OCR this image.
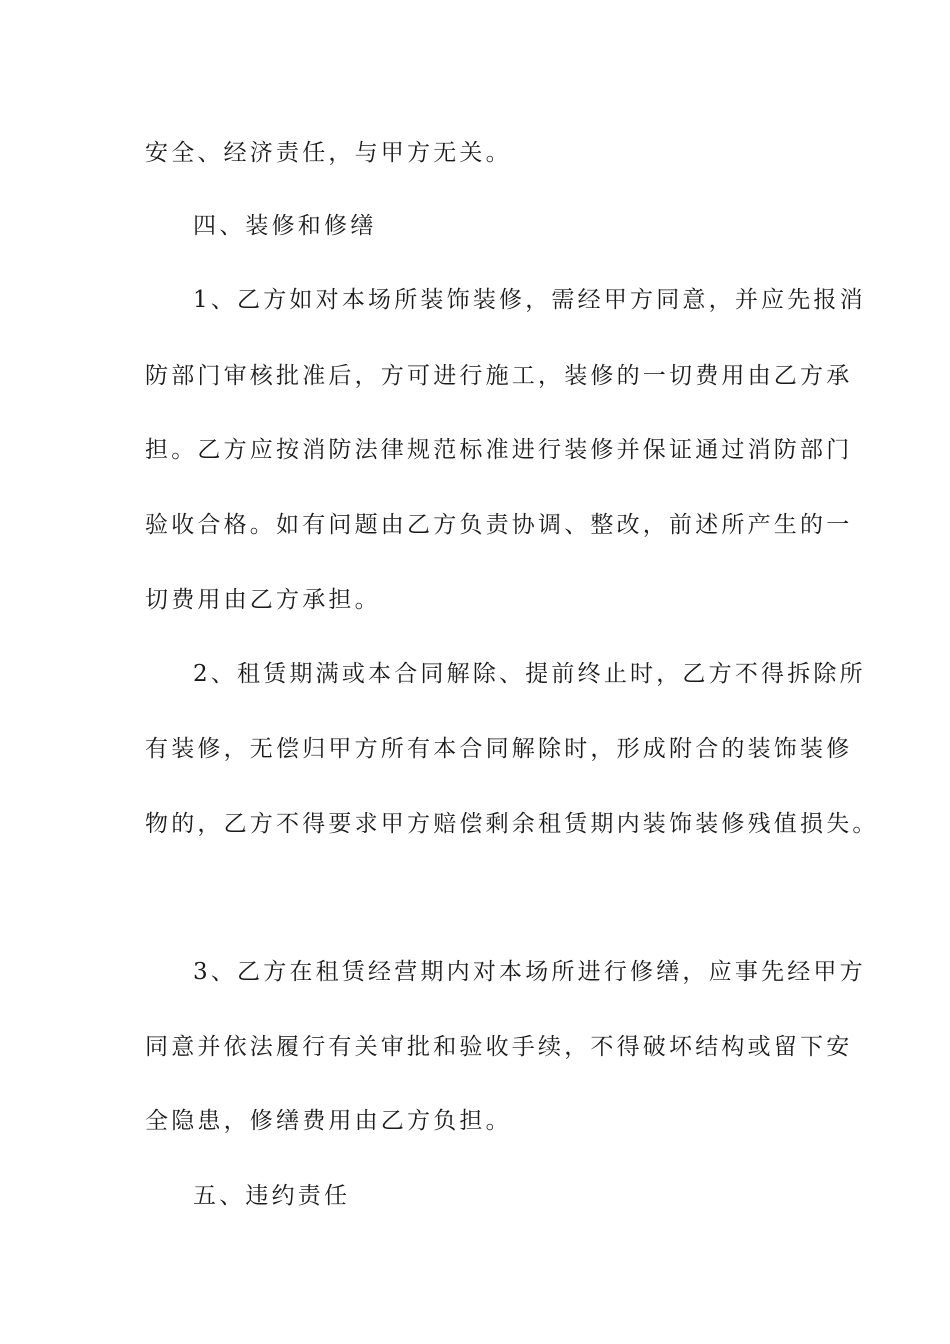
安全、经济责任，与甲方无关。
四、装修和修缮
1、乙方如对本场所装饰装修，需经甲方同意，并应先报消
防部门审核批准后，方可进行施工，装修的一切费用由乙方承
担。乙方应按消防法律规范标准进行装修并保证通过消防部门
验收合格。如有问题由乙方负责协调、整改，前述所产生的一
切费用由乙方承担。
2、租赁期满或本合同解除、提前终止时，乙方不得拆除所
有装修，无偿归甲方所有本合同解除时，形成附合的装饰装修
物的，乙方不得要求甲方赔偿剩余租赁期内装饰装修残值损失。
3、乙方在租赁经营期内对本场所进行修缮，应事先经甲方
同意并依法履行有关审批和验收手续，不得破坏结构或留下安
全隐患，修缮费用由乙方负担。
五、违约责任
